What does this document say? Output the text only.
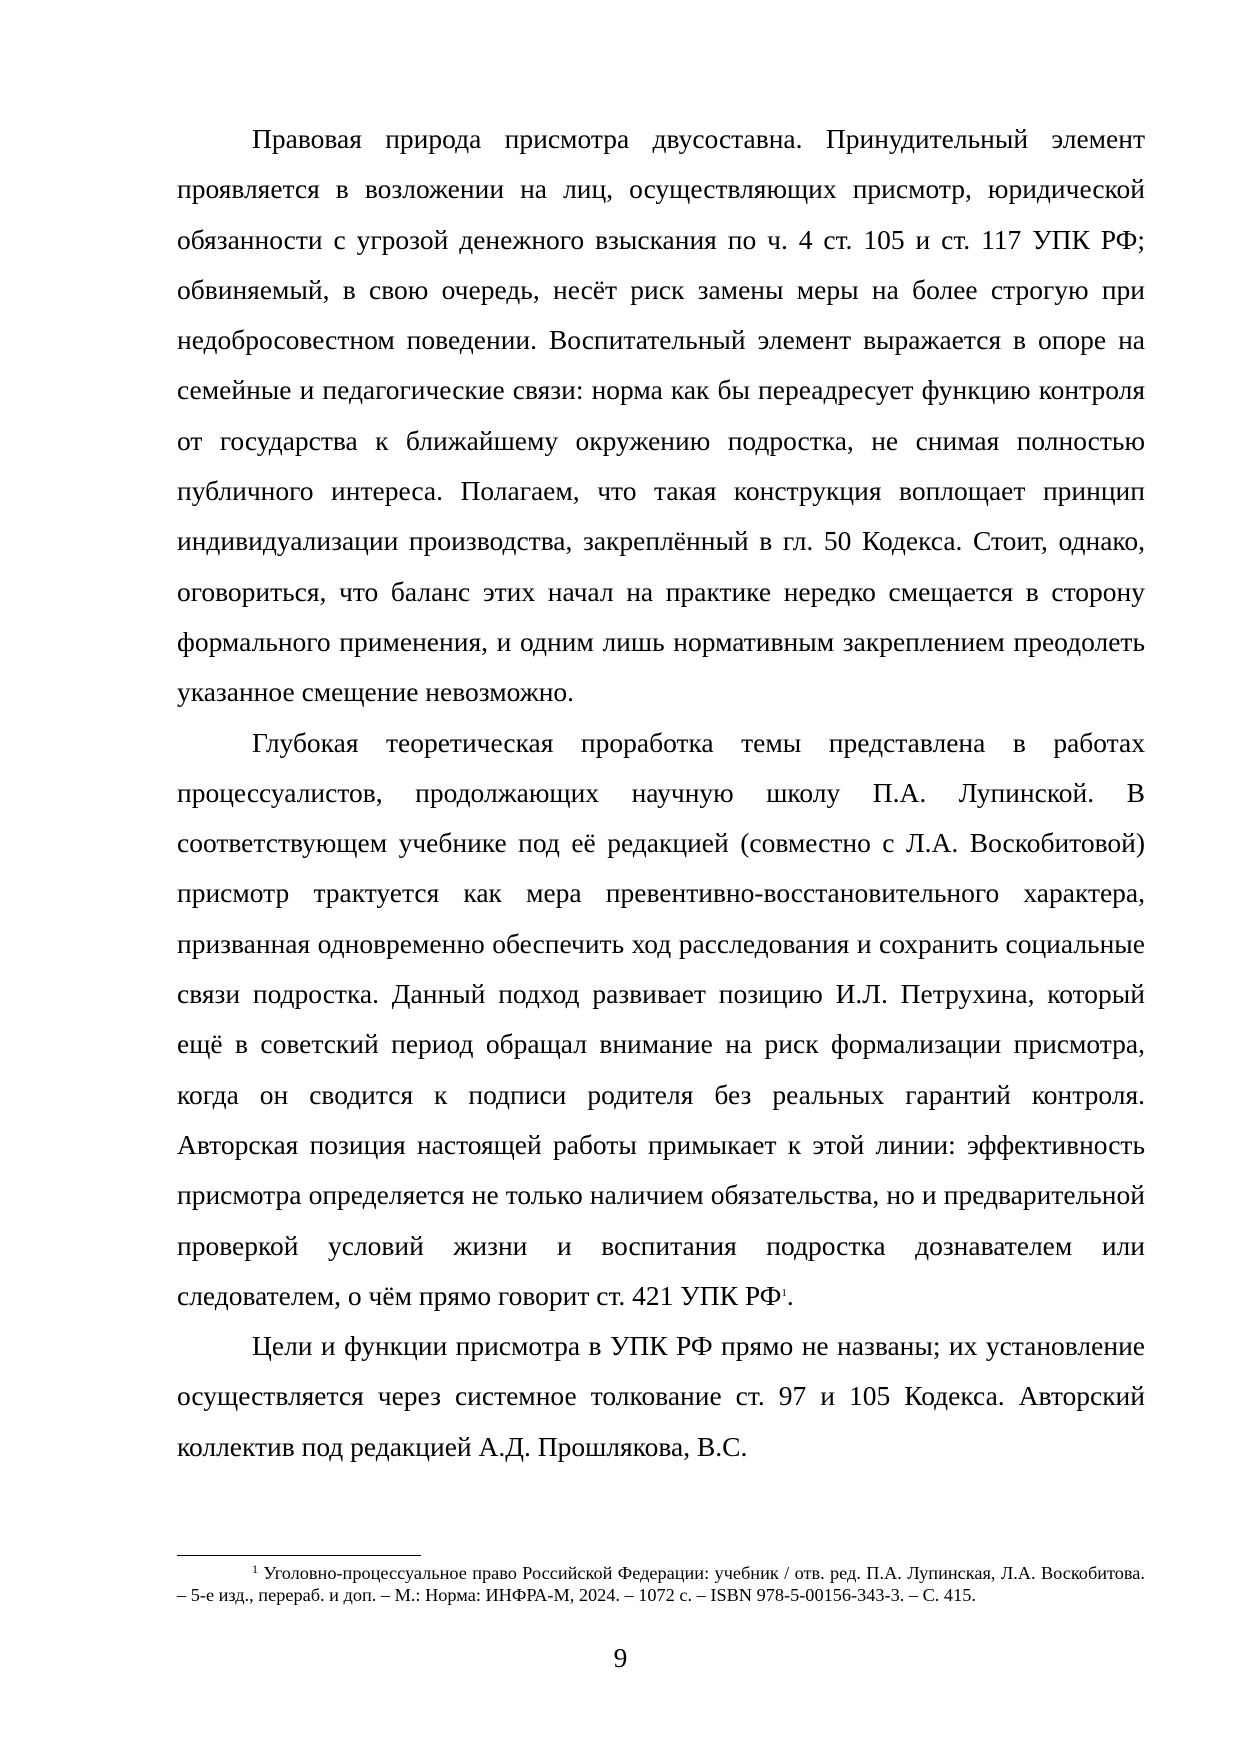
Правовая природа присмотра двусоставна. Принудительный элемент проявляется в возложении на лиц, осуществляющих присмотр, юридической обязанности с угрозой денежного взыскания по ч. 4 ст. 105 и ст. 117 УПК РФ; обвиняемый, в свою очередь, несёт риск замены меры на более строгую при недобросовестном поведении. Воспитательный элемент выражается в опоре на семейные и педагогические связи: норма как бы переадресует функцию контроля от государства к ближайшему окружению подростка, не снимая полностью публичного интереса. Полагаем, что такая конструкция воплощает принцип индивидуализации производства, закреплённый в гл. 50 Кодекса. Стоит, однако, оговориться, что баланс этих начал на практике нередко смещается в сторону формального применения, и одним лишь нормативным закреплением преодолеть указанное смещение невозможно.

Глубокая теоретическая проработка темы представлена в работах процессуалистов, продолжающих научную школу П.А. Лупинской. В соответствующем учебнике под её редакцией (совместно с Л.А. Воскобитовой) присмотр трактуется как мера превентивно-восстановительного характера, призванная одновременно обеспечить ход расследования и сохранить социальные связи подростка. Данный подход развивает позицию И.Л. Петрухина, который ещё в советский период обращал внимание на риск формализации присмотра, когда он сводится к подписи родителя без реальных гарантий контроля. Авторская позиция настоящей работы примыкает к этой линии: эффективность присмотра определяется не только наличием обязательства, но и предварительной проверкой условий жизни и воспитания подростка дознавателем или следователем, о чём прямо говорит ст. 421 УПК РФ$^1$.

Цели и функции присмотра в УПК РФ прямо не названы; их установление осуществляется через системное толкование ст. 97 и 105 Кодекса. Авторский коллектив под редакцией А.Д. Прошлякова, В.С.

$^1$ Уголовно-процессуальное право Российской Федерации: учебник / отв. ред. П.А. Лупинская, Л.А. Воскобитова. – 5-е изд., перераб. и доп. – М.: Норма: ИНФРА-М, 2024. – 1072 с. – ISBN 978-5-00156-343-3. – С. 415.

9
